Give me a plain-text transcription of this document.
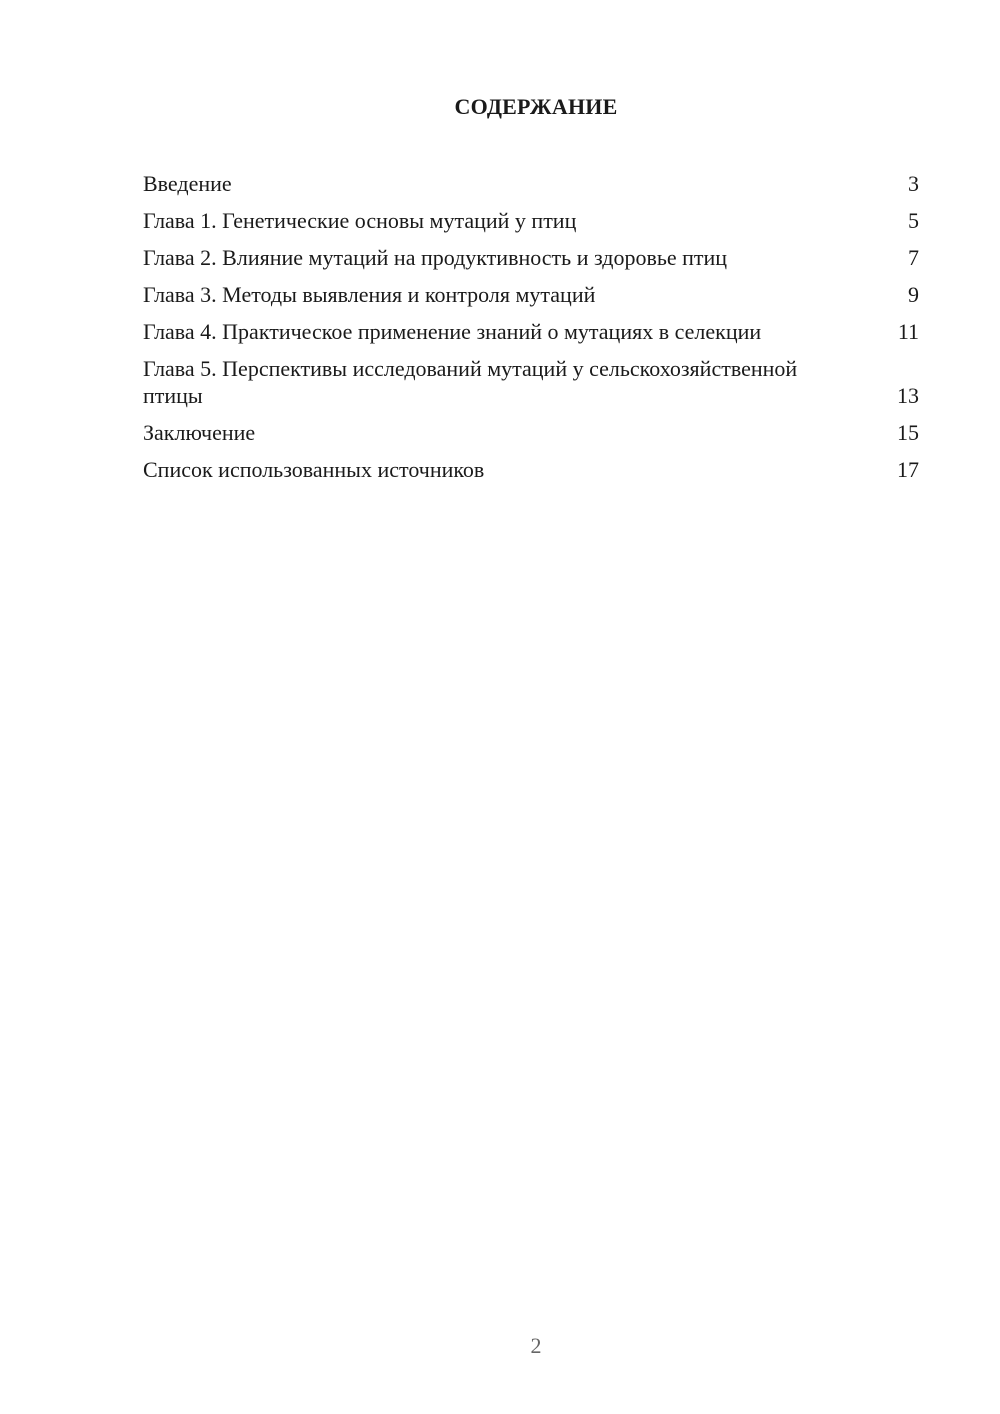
СОДЕРЖАНИЕ
Введение	3
Глава 1. Генетические основы мутаций у птиц	5
Глава 2. Влияние мутаций на продуктивность и здоровье птиц	7
Глава 3. Методы выявления и контроля мутаций	9
Глава 4. Практическое применение знаний о мутациях в селекции	11
Глава 5. Перспективы исследований мутаций у сельскохозяйственной птицы	13
Заключение	15
Список использованных источников	17
2
